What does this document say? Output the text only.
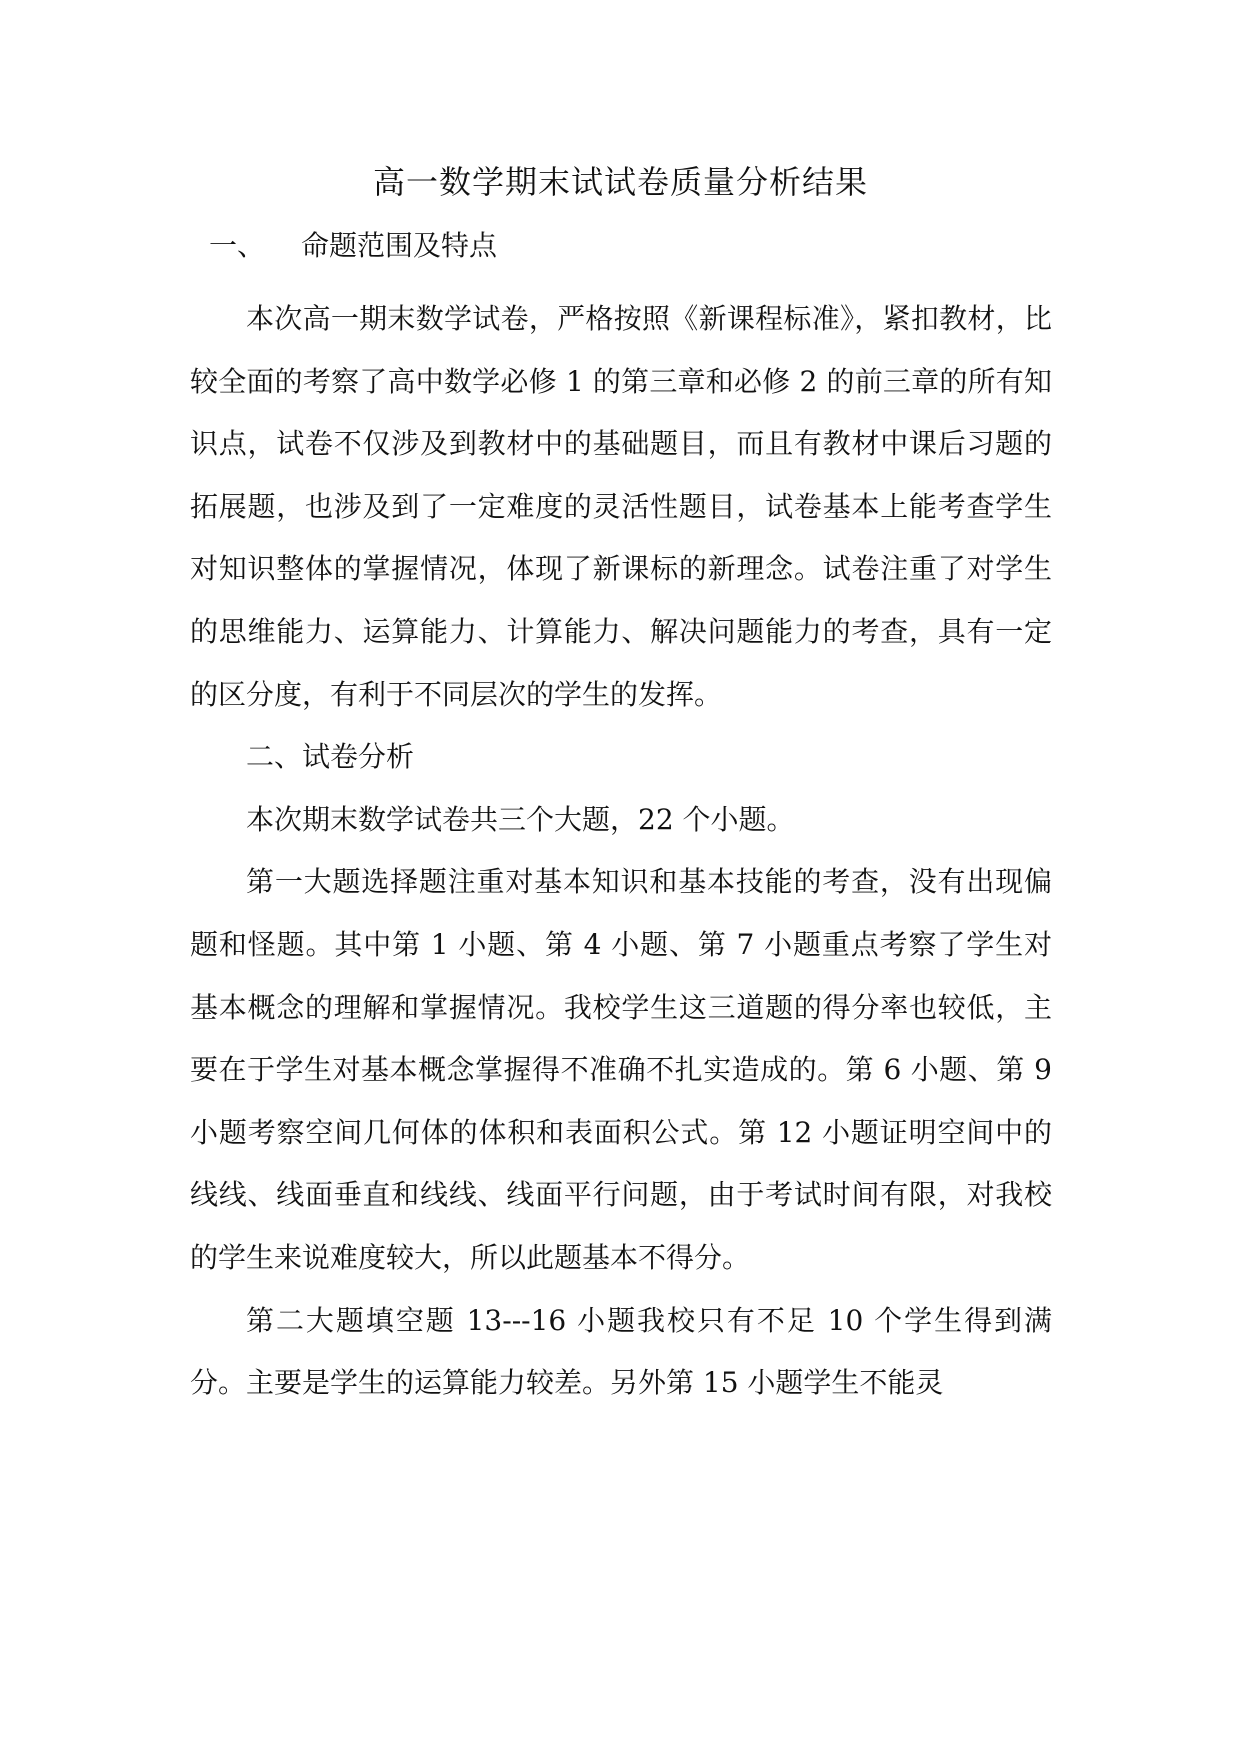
高一数学期末试试卷质量分析结果
一、 命题范围及特点

本次高一期末数学试卷，严格按照《新课程标准》，紧扣教材，比较全面的考察了高中数学必修 1 的第三章和必修 2 的前三章的所有知识点，试卷不仅涉及到教材中的基础题目，而且有教材中课后习题的拓展题，也涉及到了一定难度的灵活性题目，试卷基本上能考查学生对知识整体的掌握情况，体现了新课标的新理念。试卷注重了对学生的思维能力、运算能力、计算能力、解决问题能力的考查，具有一定的区分度，有利于不同层次的学生的发挥。

二、试卷分析

本次期末数学试卷共三个大题，22 个小题。

第一大题选择题注重对基本知识和基本技能的考查，没有出现偏题和怪题。其中第 1 小题、第 4 小题、第 7 小题重点考察了学生对基本概念的理解和掌握情况。我校学生这三道题的得分率也较低，主要在于学生对基本概念掌握得不准确不扎实造成的。第 6 小题、第 9 小题考察空间几何体的体积和表面积公式。第 12 小题证明空间中的线线、线面垂直和线线、线面平行问题，由于考试时间有限，对我校的学生来说难度较大，所以此题基本不得分。

第二大题填空题 13---16 小题我校只有不足 10 个学生得到满分。主要是学生的运算能力较差。另外第 15 小题学生不能灵
